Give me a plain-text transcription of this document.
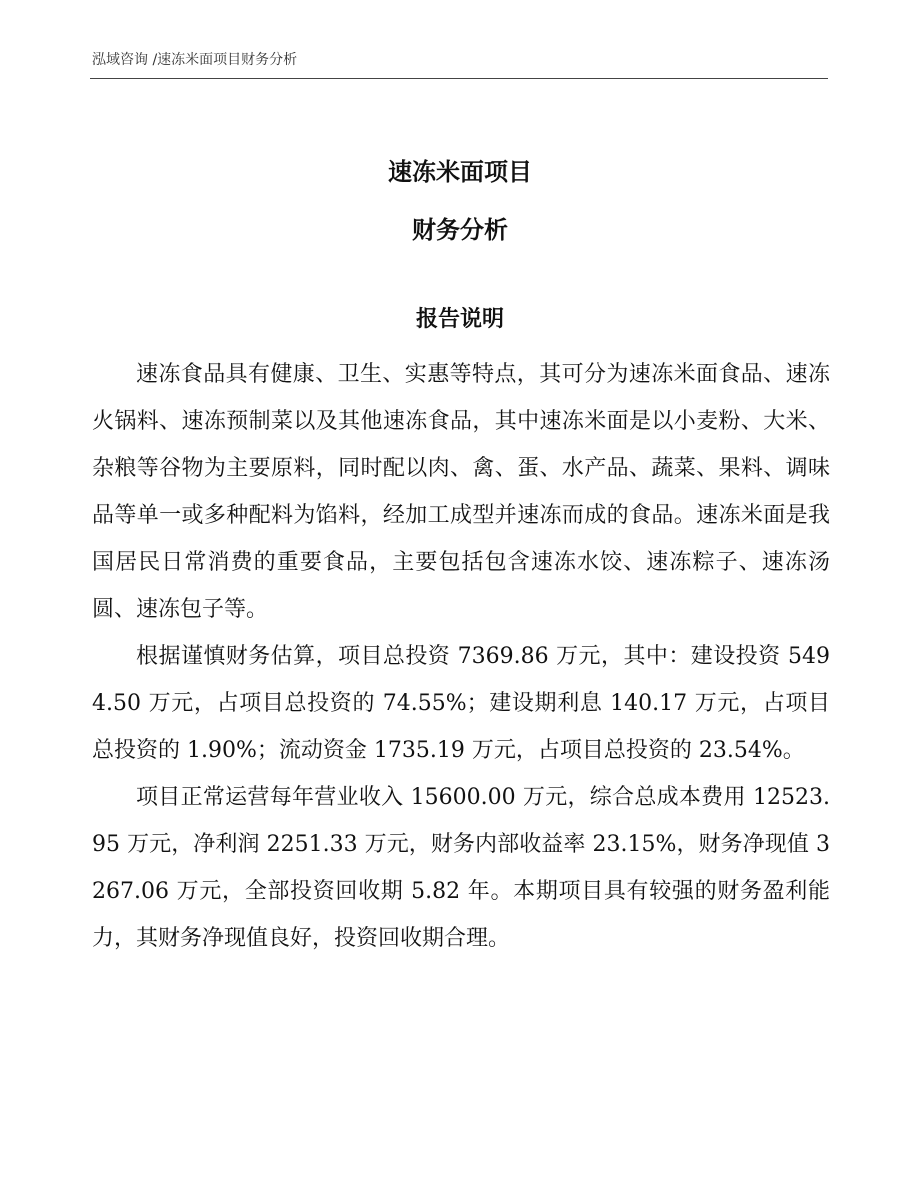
泓域咨询 /速冻米面项目财务分析
速冻米面项目
财务分析
报告说明

速冻食品具有健康、卫生、实惠等特点，其可分为速冻米面食品、速冻火锅料、速冻预制菜以及其他速冻食品，其中速冻米面是以小麦粉、大米、杂粮等谷物为主要原料，同时配以肉、禽、蛋、水产品、蔬菜、果料、调味品等单一或多种配料为馅料，经加工成型并速冻而成的食品。速冻米面是我国居民日常消费的重要食品，主要包括包含速冻水饺、速冻粽子、速冻汤圆、速冻包子等。

根据谨慎财务估算，项目总投资 7369.86 万元，其中：建设投资 5494.50 万元，占项目总投资的 74.55%；建设期利息 140.17 万元，占项目总投资的 1.90%；流动资金 1735.19 万元，占项目总投资的 23.54%。

项目正常运营每年营业收入 15600.00 万元，综合总成本费用 12523.95 万元，净利润 2251.33 万元，财务内部收益率 23.15%，财务净现值 3267.06 万元，全部投资回收期 5.82 年。本期项目具有较强的财务盈利能力，其财务净现值良好，投资回收期合理。
